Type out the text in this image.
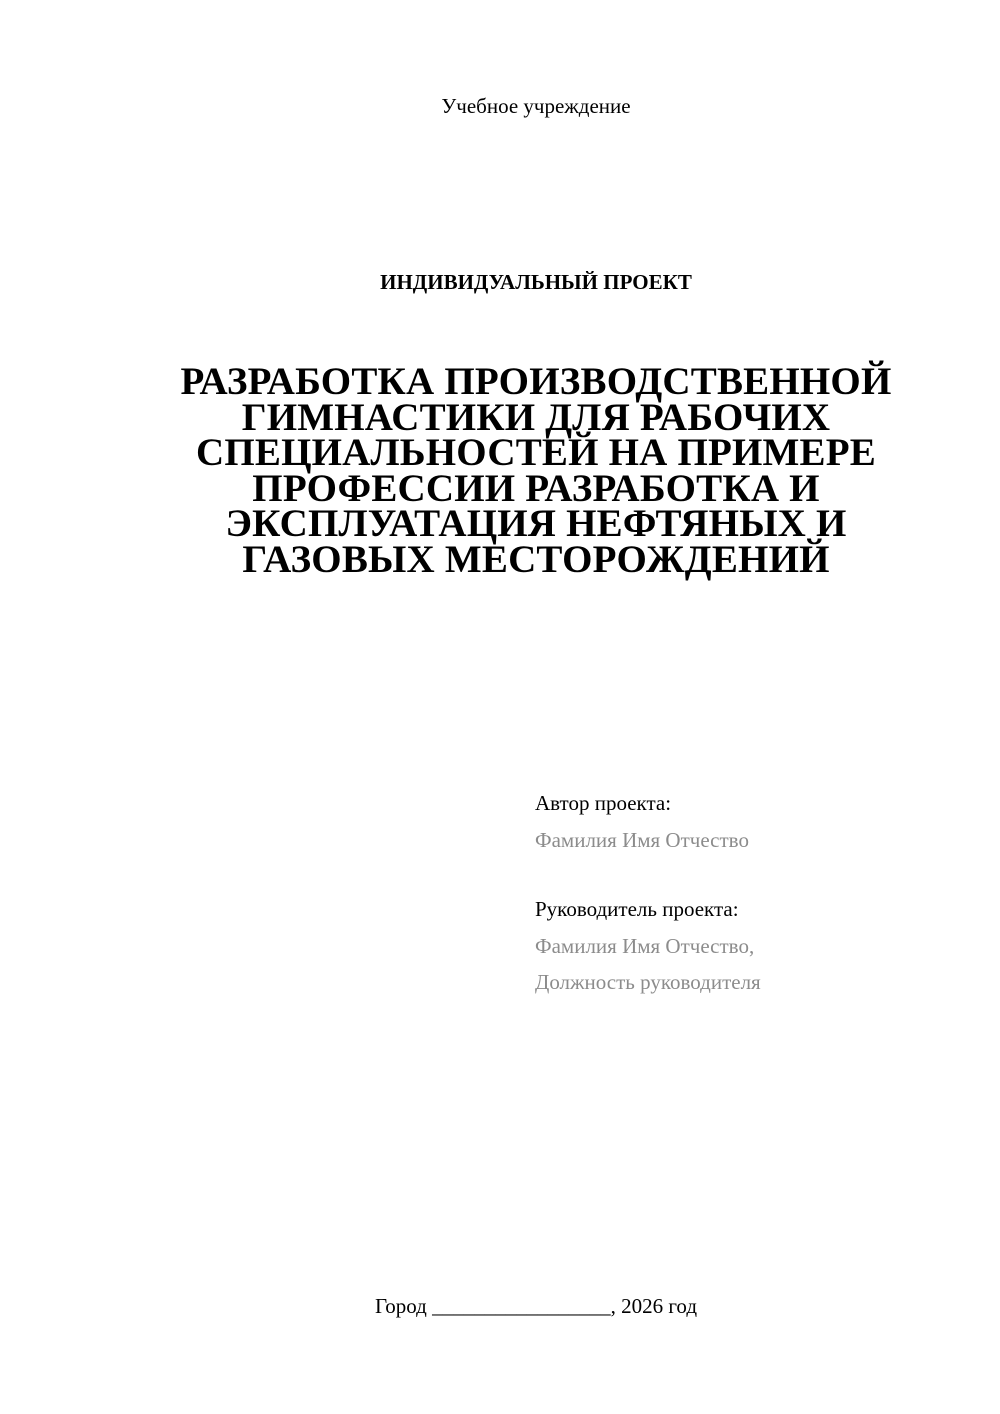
Учебное учреждение
ИНДИВИДУАЛЬНЫЙ ПРОЕКТ
РАЗРАБОТКА ПРОИЗВОДСТВЕННОЙ
ГИМНАСТИКИ ДЛЯ РАБОЧИХ
СПЕЦИАЛЬНОСТЕЙ НА ПРИМЕРЕ
ПРОФЕССИИ РАЗРАБОТКА И
ЭКСПЛУАТАЦИЯ НЕФТЯНЫХ И
ГАЗОВЫХ МЕСТОРОЖДЕНИЙ
Автор проекта:
Фамилия Имя Отчество
Руководитель проекта:
Фамилия Имя Отчество,
Должность руководителя
Город _________________, 2026 год
